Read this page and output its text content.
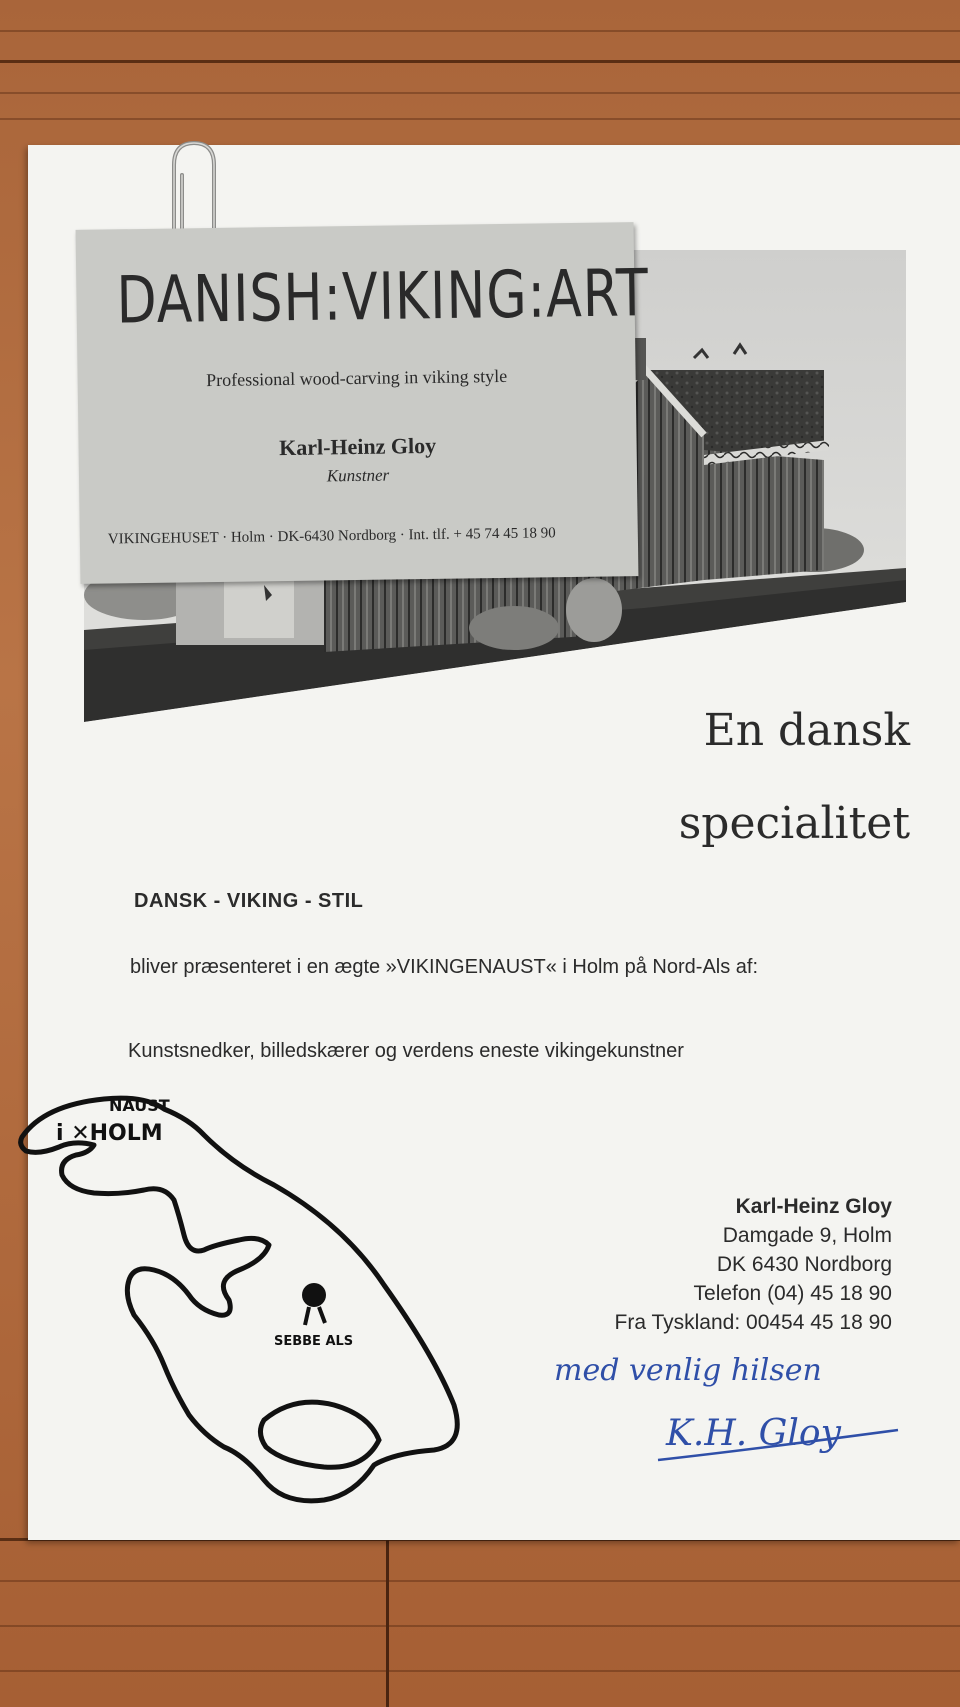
DANISH:VIKING:ART
Professional wood-carving in viking style
Karl-Heinz Gloy
Kunstner
VIKINGEHUSET · Holm · DK-6430 Nordborg · Int. tlf. + 45 74 45 18 90
En dansk
specialitet
DANSK - VIKING - STIL
bliver præsenteret i en ægte »VIKINGENAUST« i Holm på Nord-Als af:
Kunstsnedker, billedskærer og verdens eneste vikingekunstner
NAUST
i ✕HOLM
SEBBE ALS
Karl-Heinz Gloy
Damgade 9, Holm
DK 6430 Nordborg
Telefon (04) 45 18 90
Fra Tyskland: 00454 45 18 90
med venlig hilsen
K.H. Gloy
